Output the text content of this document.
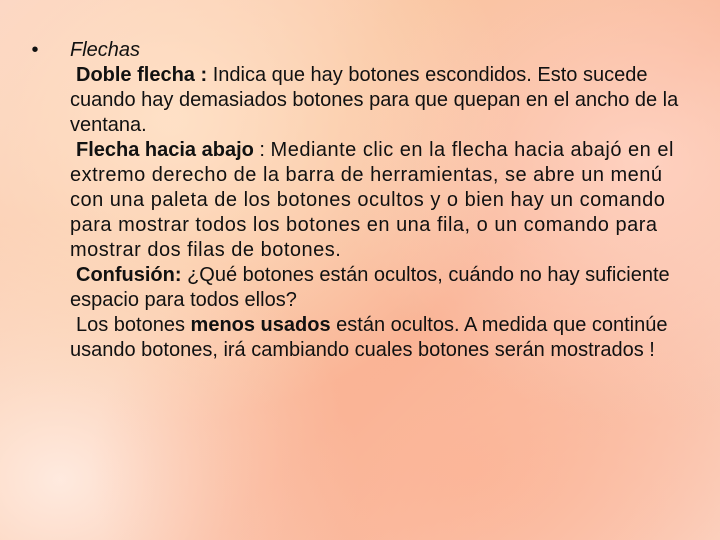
• Flechas

Doble flecha : Indica que hay botones escondidos. Esto sucede cuando hay demasiados botones para que quepan en el ancho de la ventana.

Flecha hacia abajo : Mediante clic en la flecha hacia abajó en el extremo derecho de la barra de herramientas, se abre un menú con una paleta de los botones ocultos y o bien hay un comando para mostrar todos los botones en una fila, o un comando para mostrar dos filas de botones.

Confusión: ¿Qué botones están ocultos, cuándo no hay suficiente espacio para todos ellos?

Los botones menos usados están ocultos. A medida que continúe usando botones, irá cambiando cuales botones serán mostrados !
